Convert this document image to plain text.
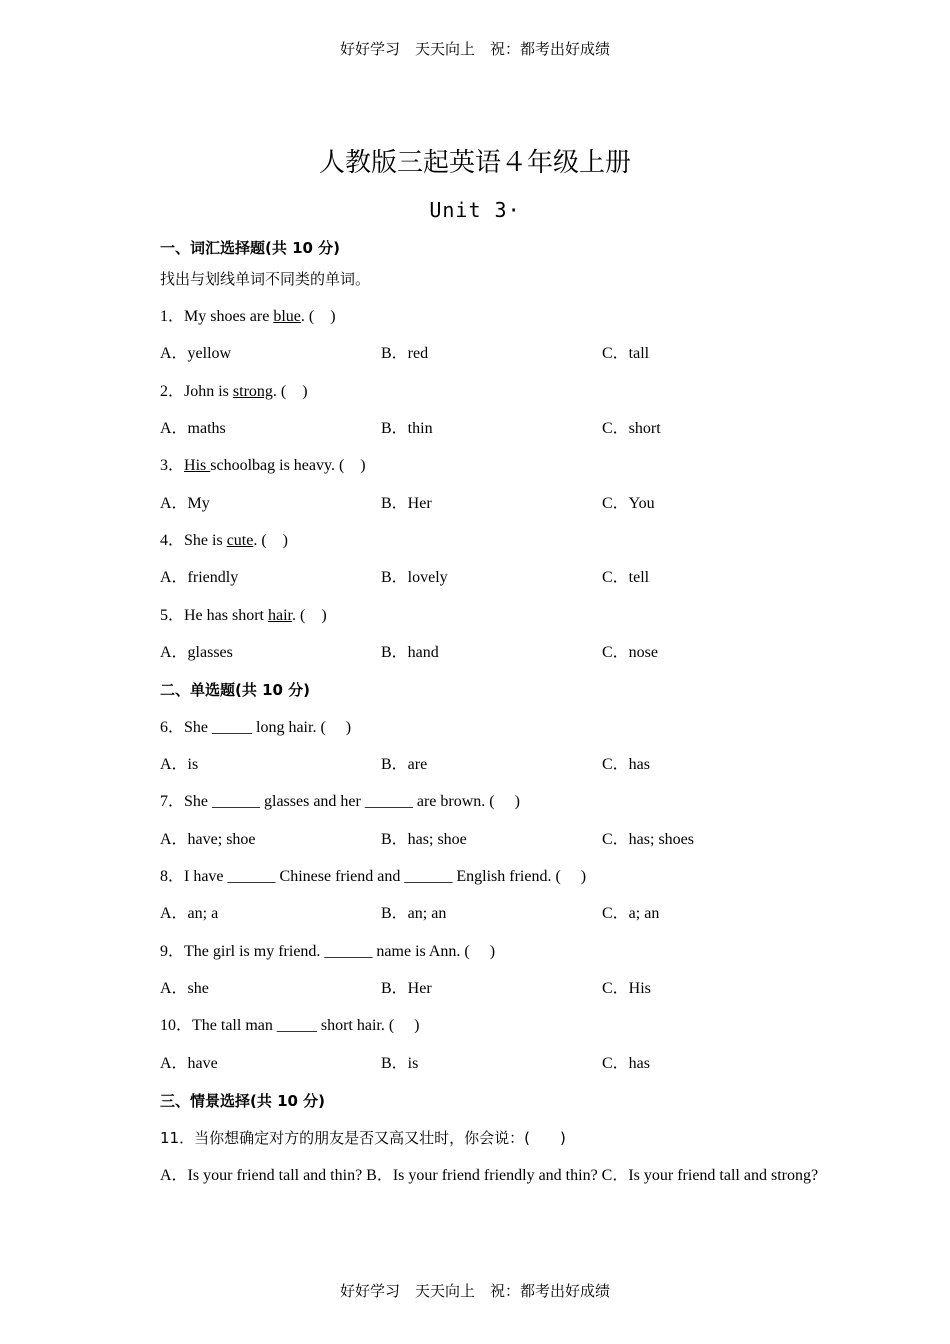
好好学习　天天向上　祝：都考出好成绩
人教版三起英语４年级上册
Unit 3·
一、词汇选择题(共 10 分)
找出与划线单词不同类的单词。
1．My shoes are blue. (　)
A．yellow	B．red	C．tall
2．John is strong. (　)
A．maths	B．thin	C．short
3．His schoolbag is heavy. (　)
A．My	B．Her	C．You
4．She is cute. (　)
A．friendly	B．lovely	C．tell
5．He has short hair. (　)
A．glasses	B．hand	C．nose
二、单选题(共 10 分)
6．She _____ long hair. (　 )
A．is	B．are	C．has
7．She ______ glasses and her ______ are brown. (　 )
A．have; shoe	B．has; shoe	C．has; shoes
8．I have ______ Chinese friend and ______ English friend. (　 )
A．an; a	B．an; an	C．a; an
9．The girl is my friend. ______ name is Ann. (　 )
A．she	B．Her	C．His
10．The tall man _____ short hair. (　 )
A．have	B．is	C．has
三、情景选择(共 10 分)
11．当你想确定对方的朋友是否又高又壮时，你会说：(　　)
A．Is your friend tall and thin? B．Is your friend friendly and thin? C．Is your friend tall and strong?
好好学习　天天向上　祝：都考出好成绩
